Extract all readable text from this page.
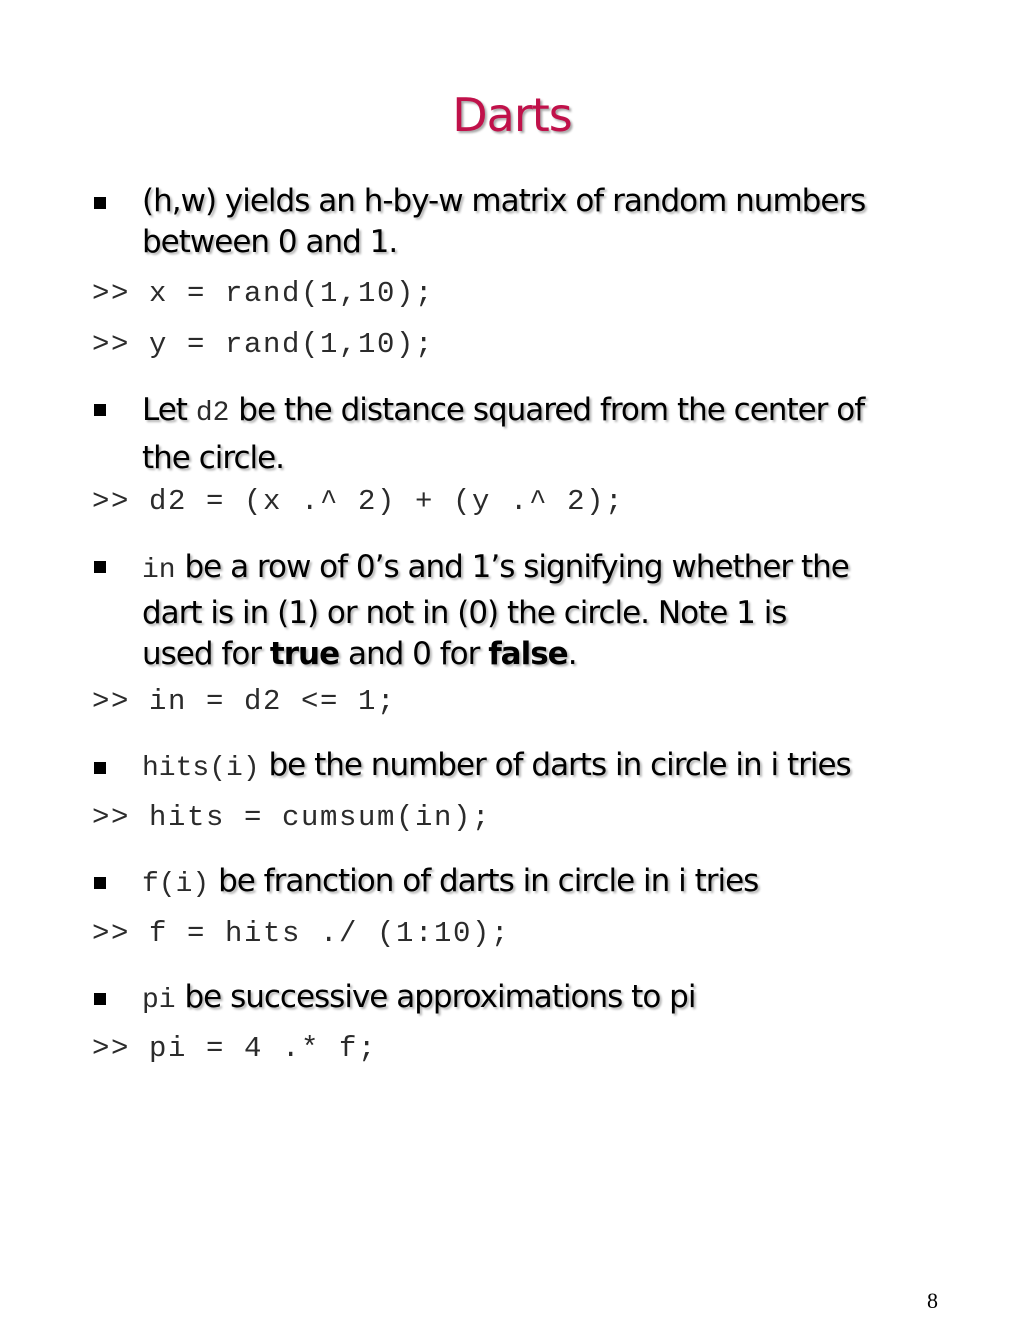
Darts
(h,w) yields an h-by-w matrix of random numbers
between 0 and 1.
>> x = rand(1,10);
>> y = rand(1,10);
Let d2 be the distance squared from the center of
the circle.
>> d2 = (x .^ 2) + (y .^ 2);
in be a row of 0’s and 1’s signifying whether the
dart is in (1) or not in (0) the circle. Note 1 is
used for true and 0 for false.
>> in = d2 <= 1;
hits(i) be the number of darts in circle in i tries
>> hits = cumsum(in);
f(i) be franction of darts in circle in i tries
>> f = hits ./ (1:10);
pi be successive approximations to pi
>> pi = 4 .* f;
8
